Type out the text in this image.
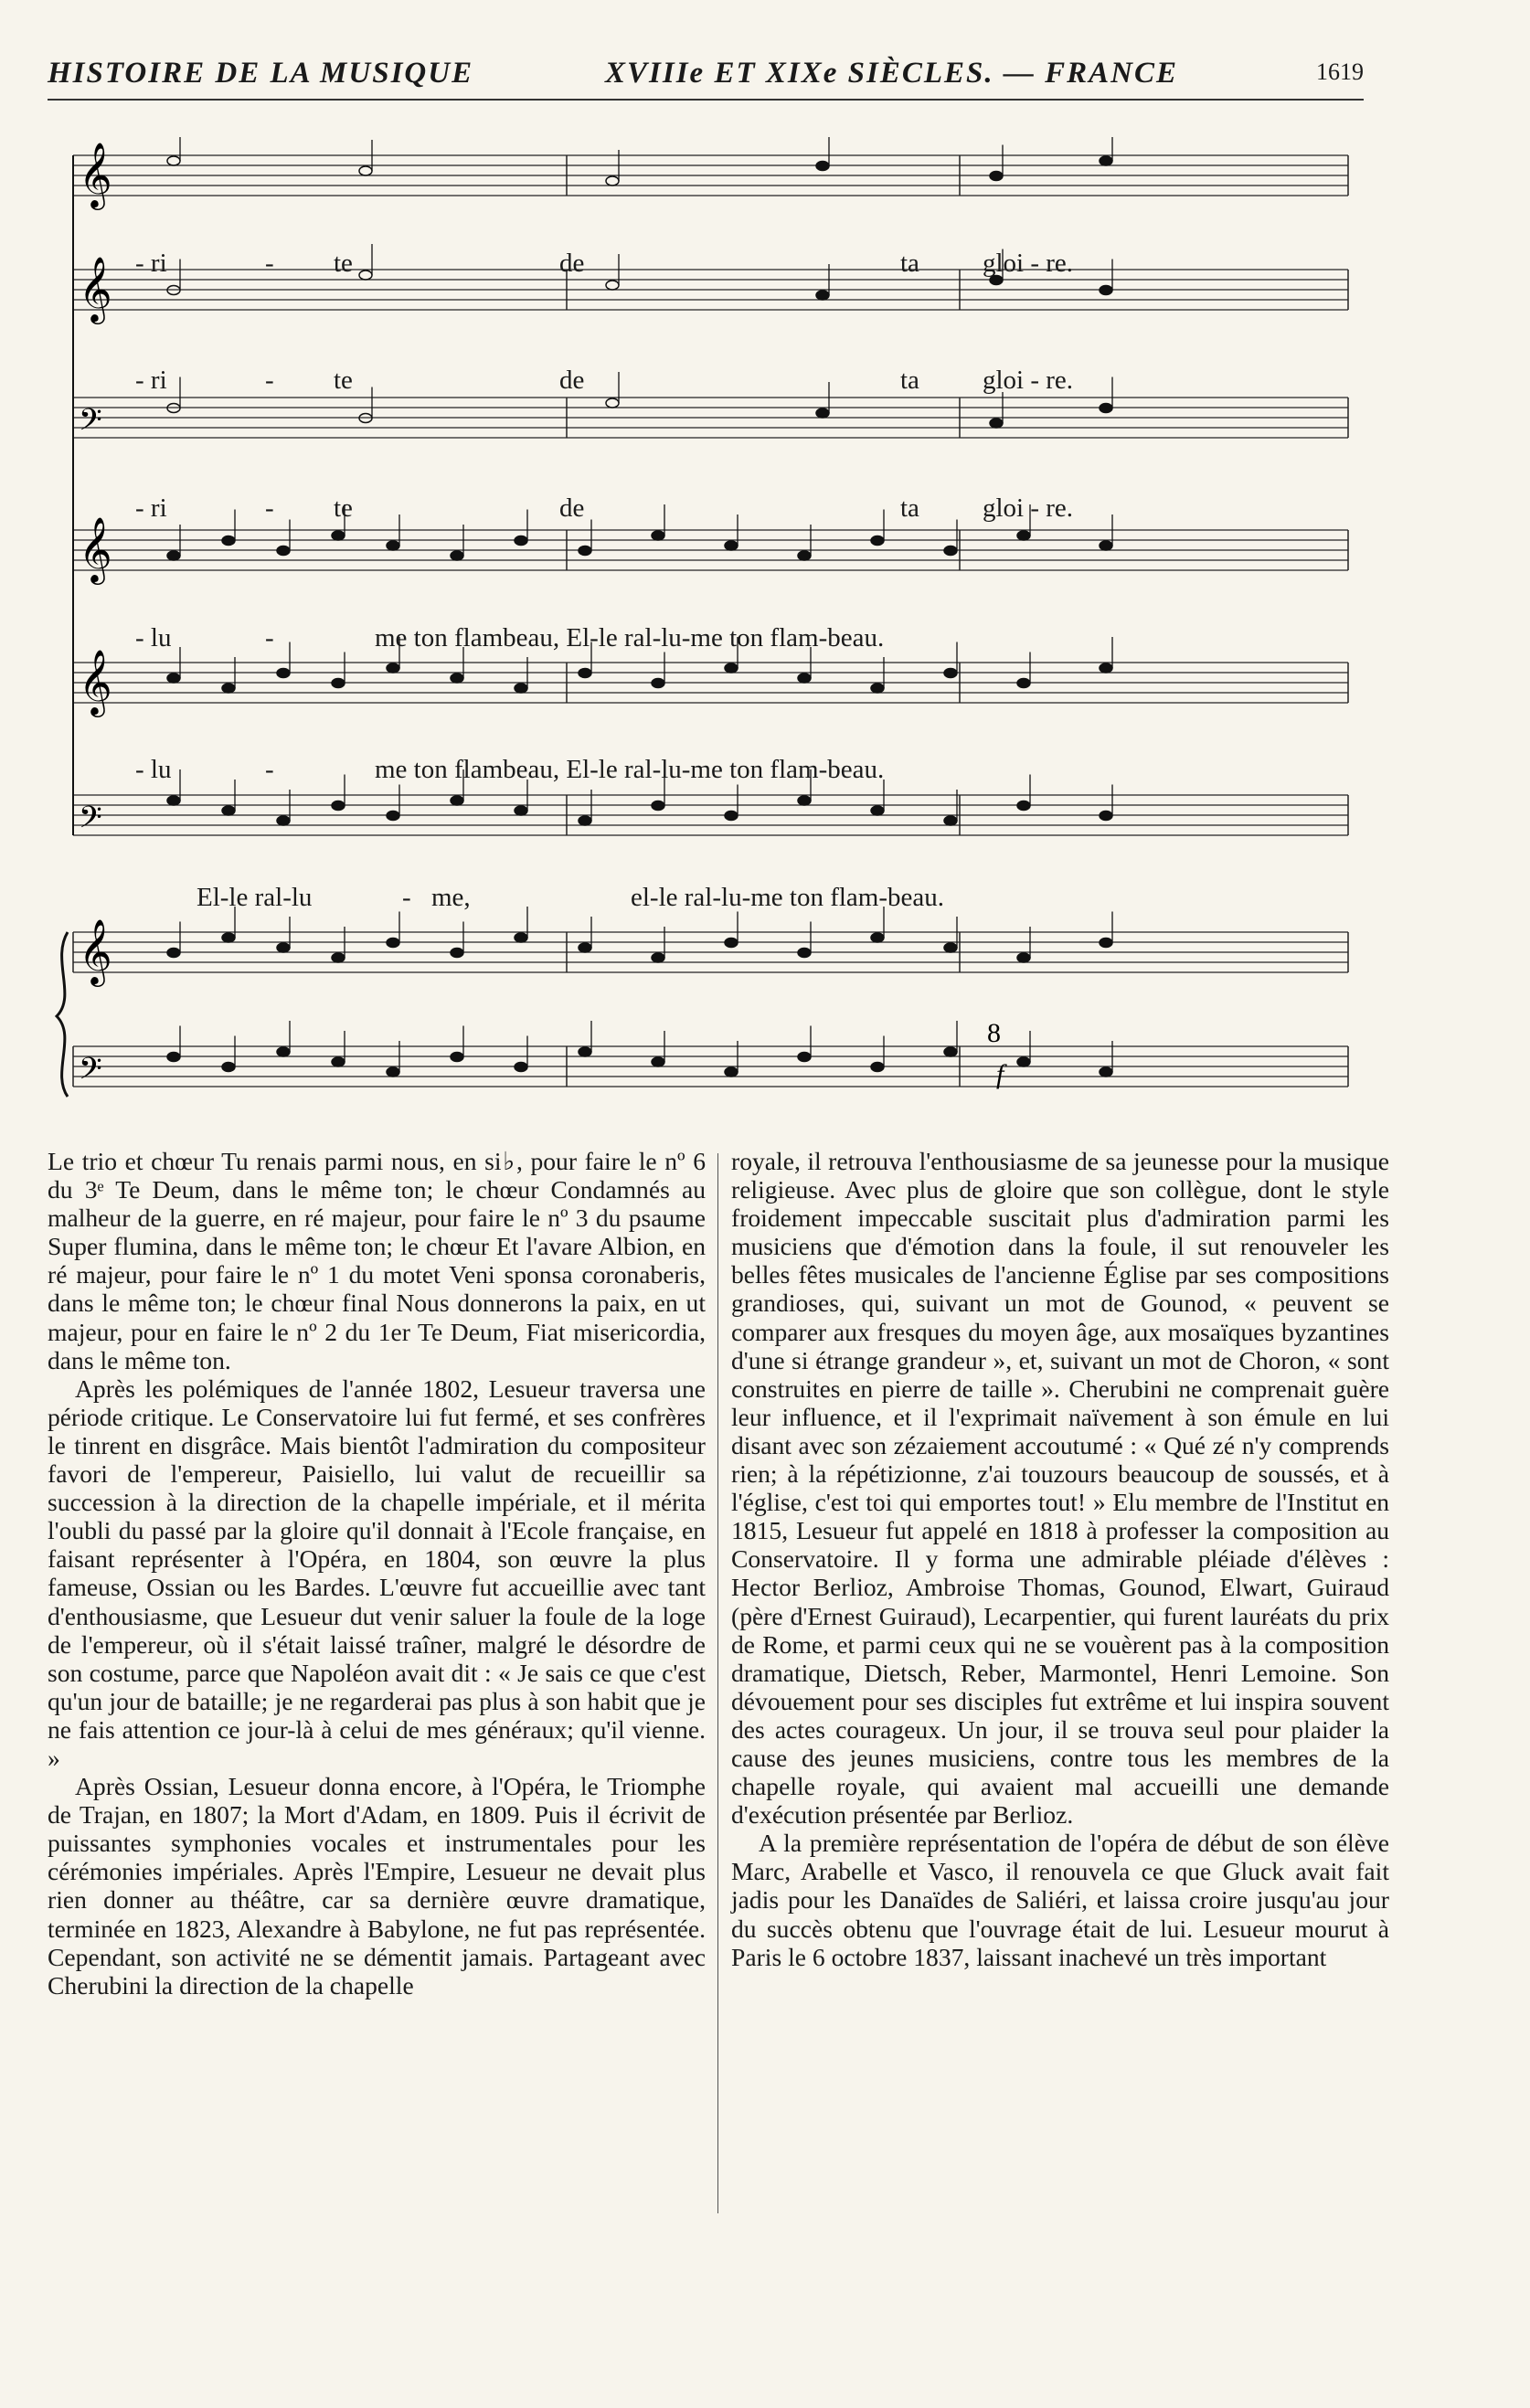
HISTOIRE DE LA MUSIQUE	XVIIIe ET XIXe SIÈCLES. — FRANCE	1619
𝄞
𝄞
𝄢
𝄞
𝄞
𝄢
𝄞
𝄢
8
f
- ri	- te	de	ta gloi - re.
- ri	- te	de	ta gloi - re.
- ri	- te	de	ta gloi - re.
- lu	-	me ton flambeau, El-le ral-lu-me ton flam-beau.
- lu	-	me ton flambeau, El-le ral-lu-me ton flam-beau.
El-le ral-lu	- me,	el-le ral-lu-me ton flam-beau.

Le trio et chœur Tu renais parmi nous, en si♭, pour faire le nº 6 du 3ᵉ Te Deum, dans le même ton; le chœur Condamnés au malheur de la guerre, en ré majeur, pour faire le nº 3 du psaume Super flumina, dans le même ton; le chœur Et l'avare Albion, en ré majeur, pour faire le nº 1 du motet Veni sponsa coronaberis, dans le même ton; le chœur final Nous donnerons la paix, en ut majeur, pour en faire le nº 2 du 1er Te Deum, Fiat misericordia, dans le même ton.

Après les polémiques de l'année 1802, Lesueur traversa une période critique. Le Conservatoire lui fut fermé, et ses confrères le tinrent en disgrâce. Mais bientôt l'admiration du compositeur favori de l'empereur, Paisiello, lui valut de recueillir sa succession à la direction de la chapelle impériale, et il mérita l'oubli du passé par la gloire qu'il donnait à l'Ecole française, en faisant représenter à l'Opéra, en 1804, son œuvre la plus fameuse, Ossian ou les Bardes. L'œuvre fut accueillie avec tant d'enthousiasme, que Lesueur dut venir saluer la foule de la loge de l'empereur, où il s'était laissé traîner, malgré le désordre de son costume, parce que Napoléon avait dit : « Je sais ce que c'est qu'un jour de bataille; je ne regarderai pas plus à son habit que je ne fais attention ce jour-là à celui de mes généraux; qu'il vienne. »

Après Ossian, Lesueur donna encore, à l'Opéra, le Triomphe de Trajan, en 1807; la Mort d'Adam, en 1809. Puis il écrivit de puissantes symphonies vocales et instrumentales pour les cérémonies impériales. Après l'Empire, Lesueur ne devait plus rien donner au théâtre, car sa dernière œuvre dramatique, terminée en 1823, Alexandre à Babylone, ne fut pas représentée. Cependant, son activité ne se démentit jamais. Partageant avec Cherubini la direction de la chapelle

royale, il retrouva l'enthousiasme de sa jeunesse pour la musique religieuse. Avec plus de gloire que son collègue, dont le style froidement impeccable suscitait plus d'admiration parmi les musiciens que d'émotion dans la foule, il sut renouveler les belles fêtes musicales de l'ancienne Église par ses compositions grandioses, qui, suivant un mot de Gounod, « peuvent se comparer aux fresques du moyen âge, aux mosaïques byzantines d'une si étrange grandeur », et, suivant un mot de Choron, « sont construites en pierre de taille ». Cherubini ne comprenait guère leur influence, et il l'exprimait naïvement à son émule en lui disant avec son zézaiement accoutumé : « Qué zé n'y comprends rien; à la répétizionne, z'ai touzours beaucoup de soussés, et à l'église, c'est toi qui emportes tout! » Elu membre de l'Institut en 1815, Lesueur fut appelé en 1818 à professer la composition au Conservatoire. Il y forma une admirable pléiade d'élèves : Hector Berlioz, Ambroise Thomas, Gounod, Elwart, Guiraud (père d'Ernest Guiraud), Lecarpentier, qui furent lauréats du prix de Rome, et parmi ceux qui ne se vouèrent pas à la composition dramatique, Dietsch, Reber, Marmontel, Henri Lemoine. Son dévouement pour ses disciples fut extrême et lui inspira souvent des actes courageux. Un jour, il se trouva seul pour plaider la cause des jeunes musiciens, contre tous les membres de la chapelle royale, qui avaient mal accueilli une demande d'exécution présentée par Berlioz.

A la première représentation de l'opéra de début de son élève Marc, Arabelle et Vasco, il renouvela ce que Gluck avait fait jadis pour les Danaïdes de Saliéri, et laissa croire jusqu'au jour du succès obtenu que l'ouvrage était de lui. Lesueur mourut à Paris le 6 octobre 1837, laissant inachevé un très important
